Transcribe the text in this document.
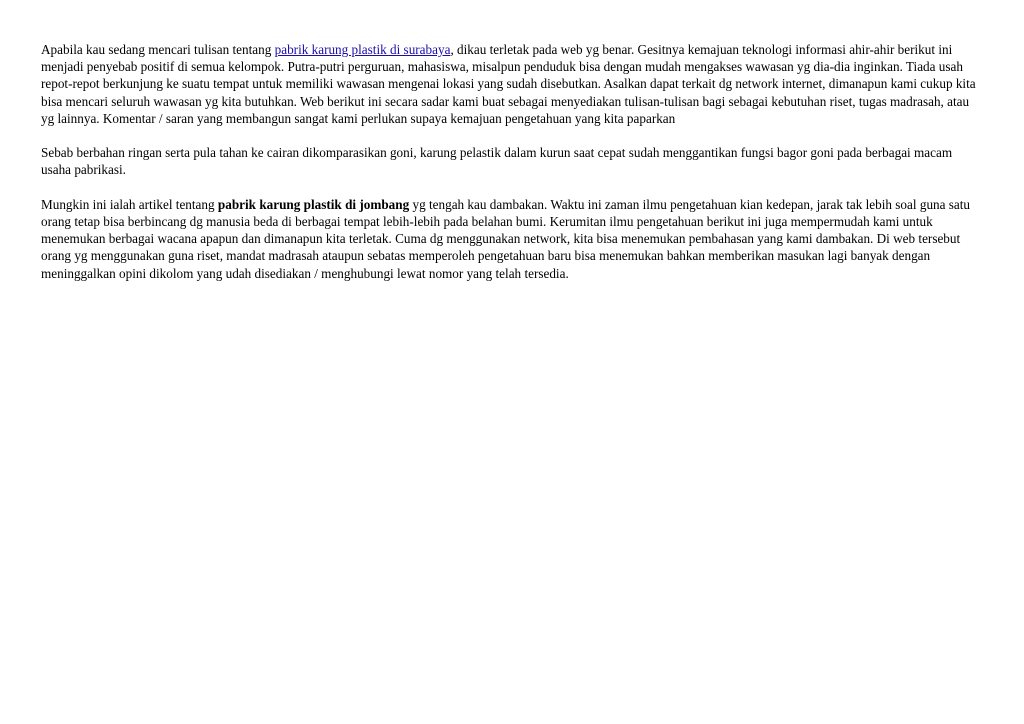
Apabila kau sedang mencari tulisan tentang pabrik karung plastik di surabaya, dikau terletak pada web yg benar. Gesitnya kemajuan teknologi informasi ahir-ahir berikut ini menjadi penyebab positif di semua kelompok. Putra-putri perguruan, mahasiswa, misalpun penduduk bisa dengan mudah mengakses wawasan yg dia-dia inginkan. Tiada usah repot-repot berkunjung ke suatu tempat untuk memiliki wawasan mengenai lokasi yang sudah disebutkan. Asalkan dapat terkait dg network internet, dimanapun kami cukup kita bisa mencari seluruh wawasan yg kita butuhkan. Web berikut ini secara sadar kami buat sebagai menyediakan tulisan-tulisan bagi sebagai kebutuhan riset, tugas madrasah, atau yg lainnya. Komentar / saran yang membangun sangat kami perlukan supaya kemajuan pengetahuan yang kita paparkan

Sebab berbahan ringan serta pula tahan ke cairan dikomparasikan goni, karung pelastik dalam kurun saat cepat sudah menggantikan fungsi bagor goni pada berbagai macam usaha pabrikasi.

Mungkin ini ialah artikel tentang pabrik karung plastik di jombang yg tengah kau dambakan. Waktu ini zaman ilmu pengetahuan kian kedepan, jarak tak lebih soal guna satu orang tetap bisa berbincang dg manusia beda di berbagai tempat lebih-lebih pada belahan bumi. Kerumitan ilmu pengetahuan berikut ini juga mempermudah kami untuk menemukan berbagai wacana apapun dan dimanapun kita terletak. Cuma dg menggunakan network, kita bisa menemukan pembahasan yang kami dambakan. Di web tersebut orang yg menggunakan guna riset, mandat madrasah ataupun sebatas memperoleh pengetahuan baru bisa menemukan bahkan memberikan masukan lagi banyak dengan meninggalkan opini dikolom yang udah disediakan / menghubungi lewat nomor yang telah tersedia.
